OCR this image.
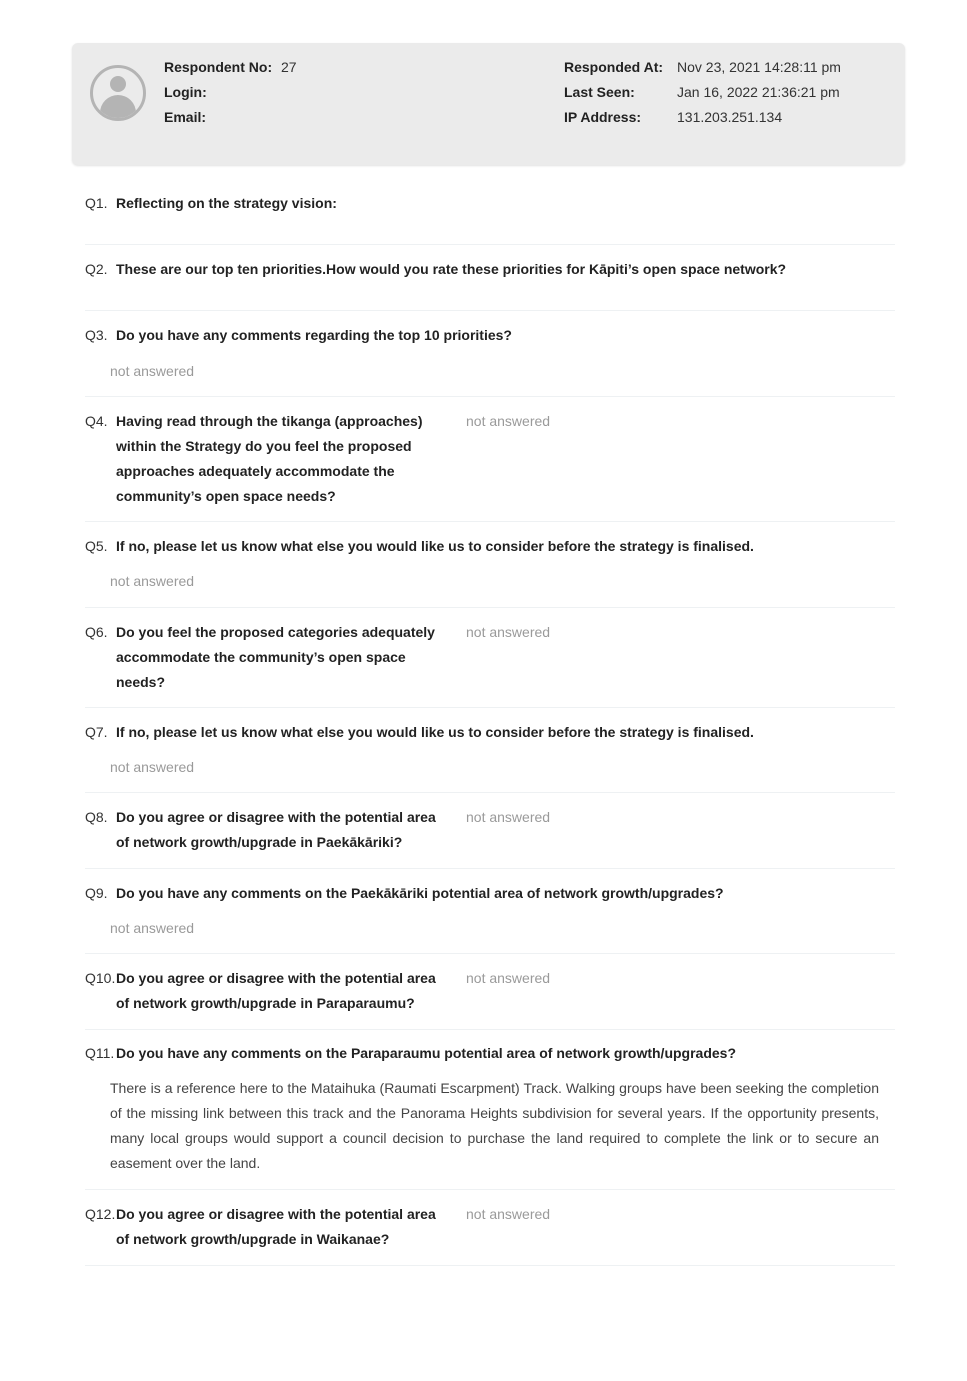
Respondent No: 27
Login:
Email:
Responded At: Nov 23, 2021 14:28:11 pm
Last Seen:	Jan 16, 2022 21:36:21 pm
IP Address:	131.203.251.134
Q1. Reflecting on the strategy vision:
Q2. These are our top ten priorities.How would you rate these priorities for Kāpiti’s open space network?
Q3. Do you have any comments regarding the top 10 priorities?
not answered
Q4. Having read through the tikanga (approaches) within the Strategy do you feel the proposed approaches adequately accommodate the community’s open space needs?
not answered
Q5. If no, please let us know what else you would like us to consider before the strategy is finalised.
not answered
Q6. Do you feel the proposed categories adequately accommodate the community’s open space needs?
not answered
Q7. If no, please let us know what else you would like us to consider before the strategy is finalised.
not answered
Q8. Do you agree or disagree with the potential area of network growth/upgrade in Paekākāriki?
not answered
Q9. Do you have any comments on the Paekākāriki potential area of network growth/upgrades?
not answered
Q10. Do you agree or disagree with the potential area of network growth/upgrade in Paraparaumu?
not answered
Q11. Do you have any comments on the Paraparaumu potential area of network growth/upgrades?
There is a reference here to the Mataihuka (Raumati Escarpment) Track. Walking groups have been seeking the completion of the missing link between this track and the Panorama Heights subdivision for several years. If the opportunity presents, many local groups would support a council decision to purchase the land required to complete the link or to secure an easement over the land.
Q12. Do you agree or disagree with the potential area of network growth/upgrade in Waikanae?
not answered
